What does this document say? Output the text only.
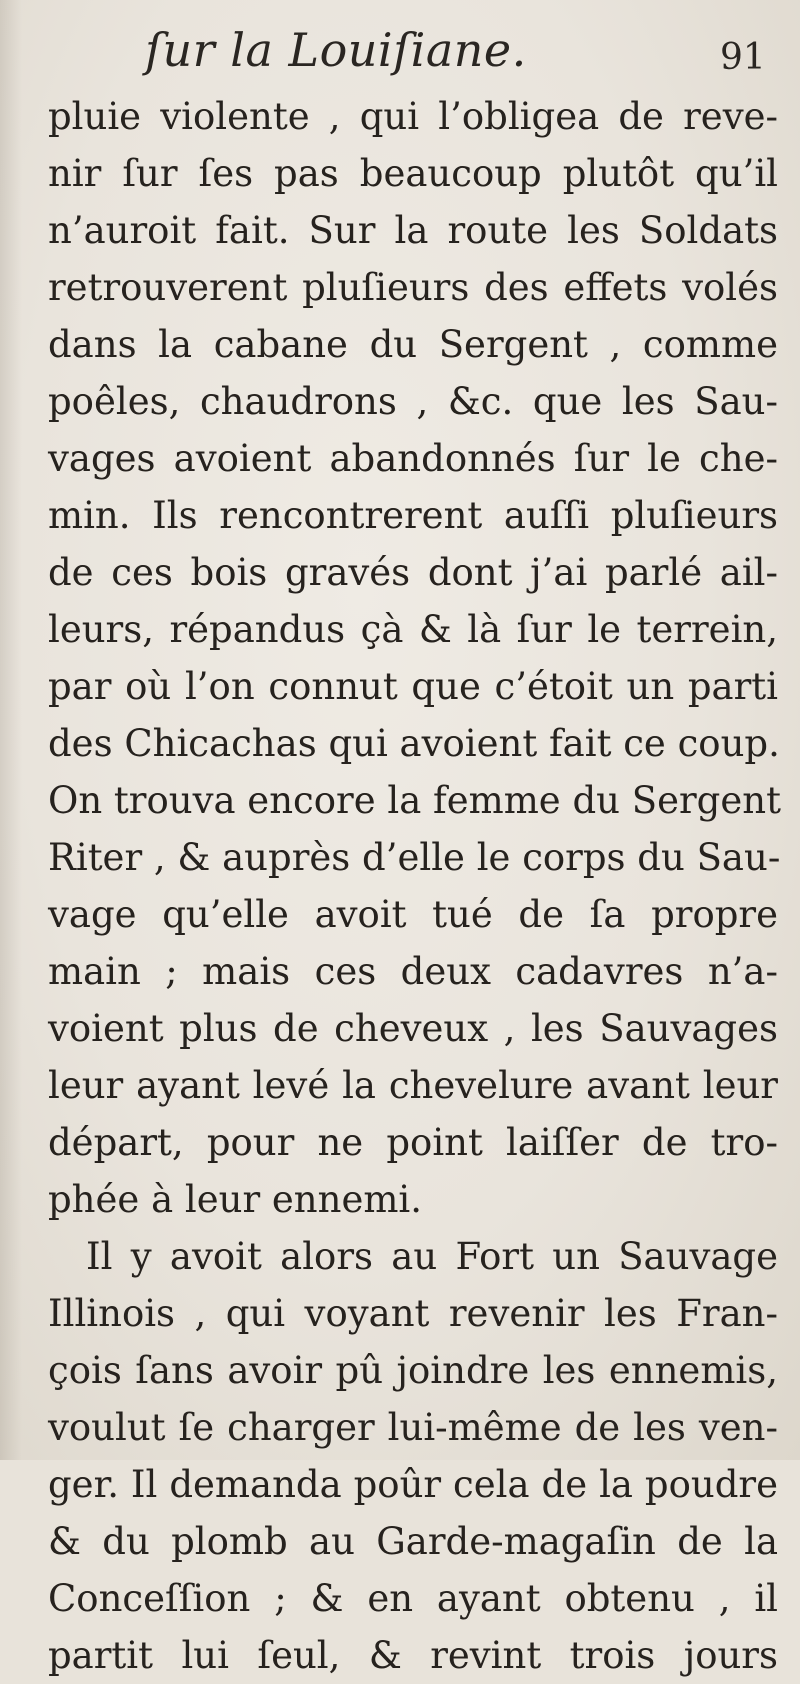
ſur la Louiſiane.	91
pluie violente , qui l’obligea de reve-
nir ſur ſes pas beaucoup plutôt qu’il
n’auroit fait. Sur la route les Soldats
retrouverent pluſieurs des effets volés
dans la cabane du Sergent , comme
poêles, chaudrons , &c. que les Sau-
vages avoient abandonnés ſur le che-
min. Ils rencontrerent auſſi pluſieurs
de ces bois gravés dont j’ai parlé ail-
leurs, répandus çà & là ſur le terrein,
par où l’on connut que c’étoit un parti
des Chicachas qui avoient fait ce coup.
On trouva encore la femme du Sergent
Riter , & auprès d’elle le corps du Sau-
vage qu’elle avoit tué de ſa propre
main ; mais ces deux cadavres n’a-
voient plus de cheveux , les Sauvages
leur ayant levé la chevelure avant leur
départ, pour ne point laiſſer de tro-
phée à leur ennemi.
Il y avoit alors au Fort un Sauvage
Illinois , qui voyant revenir les Fran-
çois ſans avoir pû joindre les ennemis,
voulut ſe charger lui-même de les ven-
ger. Il demanda poûr cela de la poudre
& du plomb au Garde-magaſin de la
Conceſſion ; & en ayant obtenu , il
partit lui ſeul, & revint trois jours
